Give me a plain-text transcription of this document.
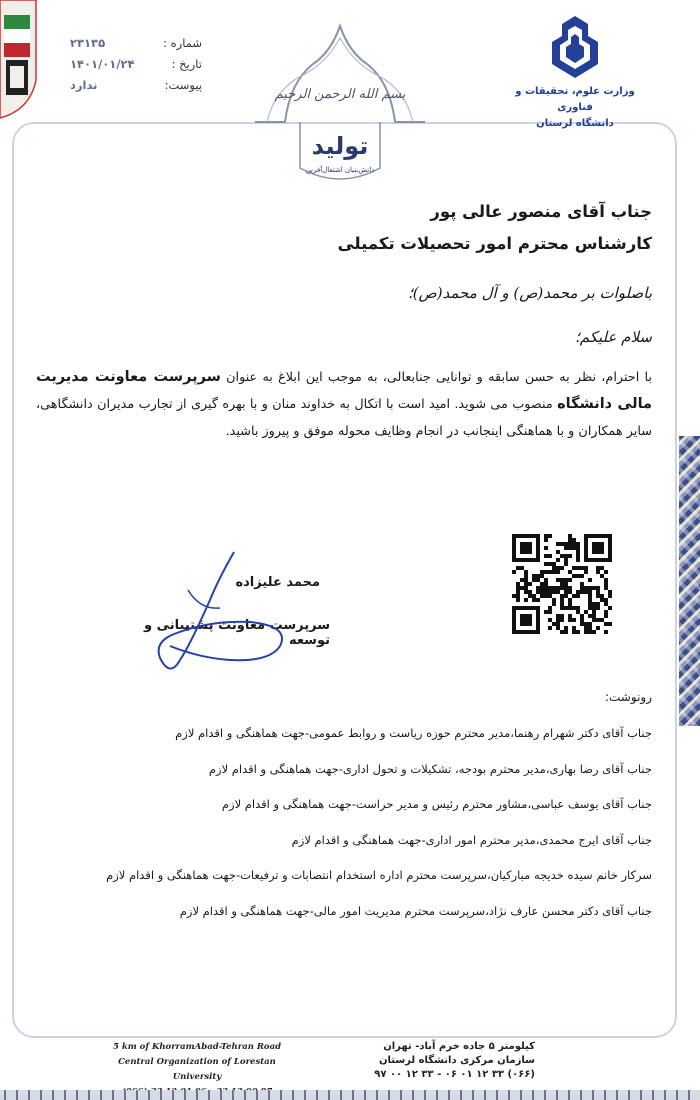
شماره :
۲۳۱۳۵
تاریخ :
۱۴۰۱/۰۱/۲۴
پیوست:
ندارد
بسم الله الرحمن الرحیم
تولید
دانش‌بنیان اشتغال‌آفرین
وزارت علوم، تحقیقات و فناوری
دانشگاه لرستان
جناب آقای منصور عالی پور
کارشناس محترم امور تحصیلات تکمیلی
باصلوات بر محمد(ص) و آل محمد(ص)؛
سلام علیکم؛
با احترام، نظر به حسن سابقه و توانایی جنابعالی، به موجب این ابلاغ به عنوان سرپرست معاونت مدیریت مالی دانشگاه منصوب می شوید. امید است با اتکال به خداوند منان و با بهره گیری از تجارب مدیران دانشگاهی، سایر همکاران و با هماهنگی اینجانب در انجام وظایف محوله موفق و پیروز باشید.
محمد علیزاده
سرپرست معاونت پشتیبانی و توسعه
رونوشت:
جناب آقای دکتر شهرام رهنما،مدیر محترم حوزه ریاست و روابط عمومی-جهت هماهنگی و اقدام لازم
جناب آقای رضا بهاری،مدیر محترم بودجه، تشکیلات و تحول اداری-جهت هماهنگی و اقدام لازم
جناب آقای یوسف عباسی،مشاور محترم رئیس و مدیر حراست-جهت هماهنگی و اقدام لازم
جناب آقای ایرج محمدی،مدیر محترم امور اداری-جهت هماهنگی و اقدام لازم
سرکار خانم سیده خدیجه مبارکیان،سرپرست محترم اداره استخدام انتصابات و ترفیعات-جهت هماهنگی و اقدام لازم
جناب آقای دکتر محسن عارف نژاد،سرپرست محترم مدیریت امور مالی-جهت هماهنگی و اقدام لازم
5 km of KhorramAbad-Tehran Road
Central Organization of Lorestan University
کیلومتر ۵ جاده خرم آباد- تهران
سازمان مرکزی دانشگاه لرستان
(۰۶۶) ۳۳ ۱۲ ۰۱ ۰۶ - ۳۳ ۱۲ ۰۰ ۹۷
